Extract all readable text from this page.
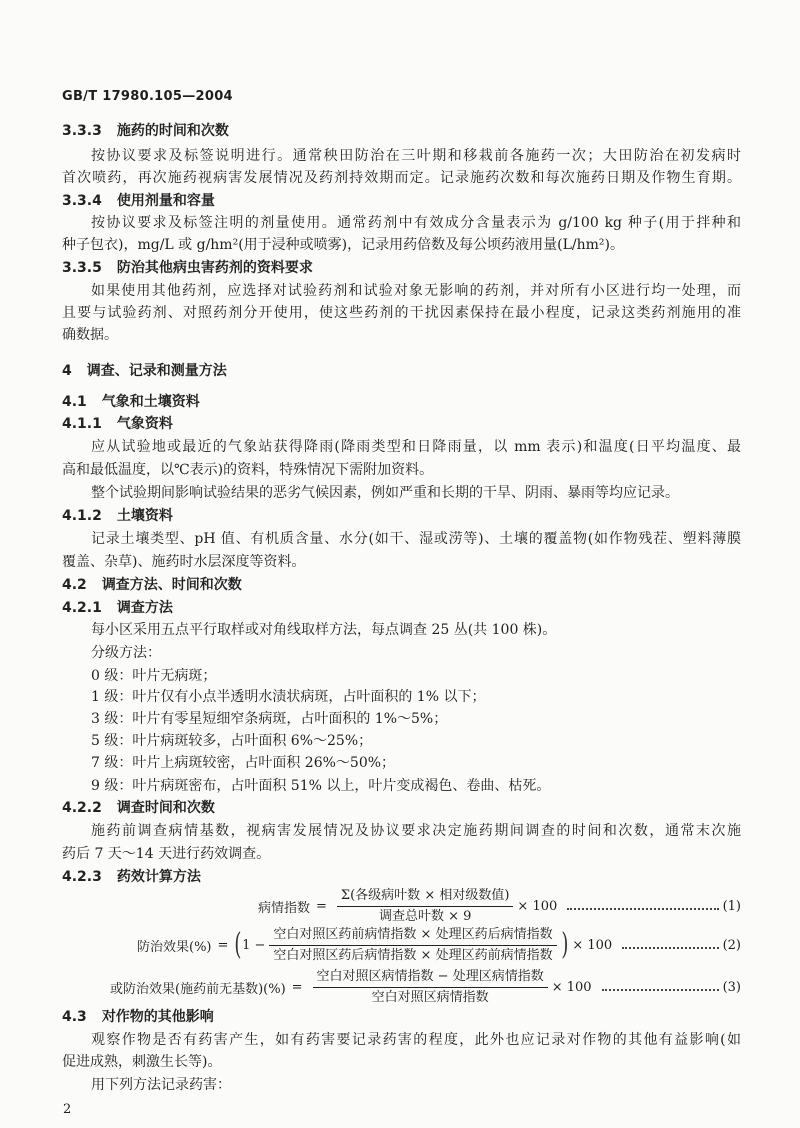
GB/T 17980.105—2004
3.3.3 施药的时间和次数
按协议要求及标签说明进行。通常秧田防治在三叶期和移栽前各施药一次；大田防治在初发病时
首次喷药，再次施药视病害发展情况及药剂持效期而定。记录施药次数和每次施药日期及作物生育期。
3.3.4 使用剂量和容量
按协议要求及标签注明的剂量使用。通常药剂中有效成分含量表示为 g/100 kg 种子(用于拌种和
种子包衣)，mg/L 或 g/hm²(用于浸种或喷雾)，记录用药倍数及每公顷药液用量(L/hm²)。
3.3.5 防治其他病虫害药剂的资料要求
如果使用其他药剂，应选择对试验药剂和试验对象无影响的药剂，并对所有小区进行均一处理，而
且要与试验药剂、对照药剂分开使用，使这些药剂的干扰因素保持在最小程度，记录这类药剂施用的准
确数据。
4 调查、记录和测量方法
4.1 气象和土壤资料
4.1.1 气象资料
应从试验地或最近的气象站获得降雨(降雨类型和日降雨量，以 mm 表示)和温度(日平均温度、最
高和最低温度，以℃表示)的资料，特殊情况下需附加资料。
整个试验期间影响试验结果的恶劣气候因素，例如严重和长期的干旱、阴雨、暴雨等均应记录。
4.1.2 土壤资料
记录土壤类型、pH 值、有机质含量、水分(如干、湿或涝等)、土壤的覆盖物(如作物残茬、塑料薄膜
覆盖、杂草)、施药时水层深度等资料。
4.2 调查方法、时间和次数
4.2.1 调查方法
每小区采用五点平行取样或对角线取样方法，每点调查 25 丛(共 100 株)。
分级方法：
0 级：叶片无病斑；
1 级：叶片仅有小点半透明水渍状病斑，占叶面积的 1% 以下；
3 级：叶片有零星短细窄条病斑，占叶面积的 1%～5%；
5 级：叶片病斑较多，占叶面积 6%～25%；
7 级：叶片上病斑较密，占叶面积 26%～50%；
9 级：叶片病斑密布，占叶面积 51% 以上，叶片变成褐色、卷曲、枯死。
4.2.2 调查时间和次数
施药前调查病情基数，视病害发展情况及协议要求决定施药期间调查的时间和次数，通常末次施
药后 7 天～14 天进行药效调查。
4.2.3 药效计算方法
病情指数 = $\frac{\text{Σ(各级病叶数 × 相对级数值)}}{\text{调查总叶数 × 9}} \times 100$	(1)
防治效果(%) = ( $1 - \frac{\text{空白对照区药前病情指数 × 处理区药后病情指数}}{\text{空白对照区药后病情指数 × 处理区药前病情指数}}$ ) × 100	(2)
或防治效果(施药前无基数)(%) = $\frac{\text{空白对照区病情指数 − 处理区病情指数}}{\text{空白对照区病情指数}} \times 100$	(3)
4.3 对作物的其他影响
观察作物是否有药害产生，如有药害要记录药害的程度，此外也应记录对作物的其他有益影响(如
促进成熟，刺激生长等)。
用下列方法记录药害：
2
